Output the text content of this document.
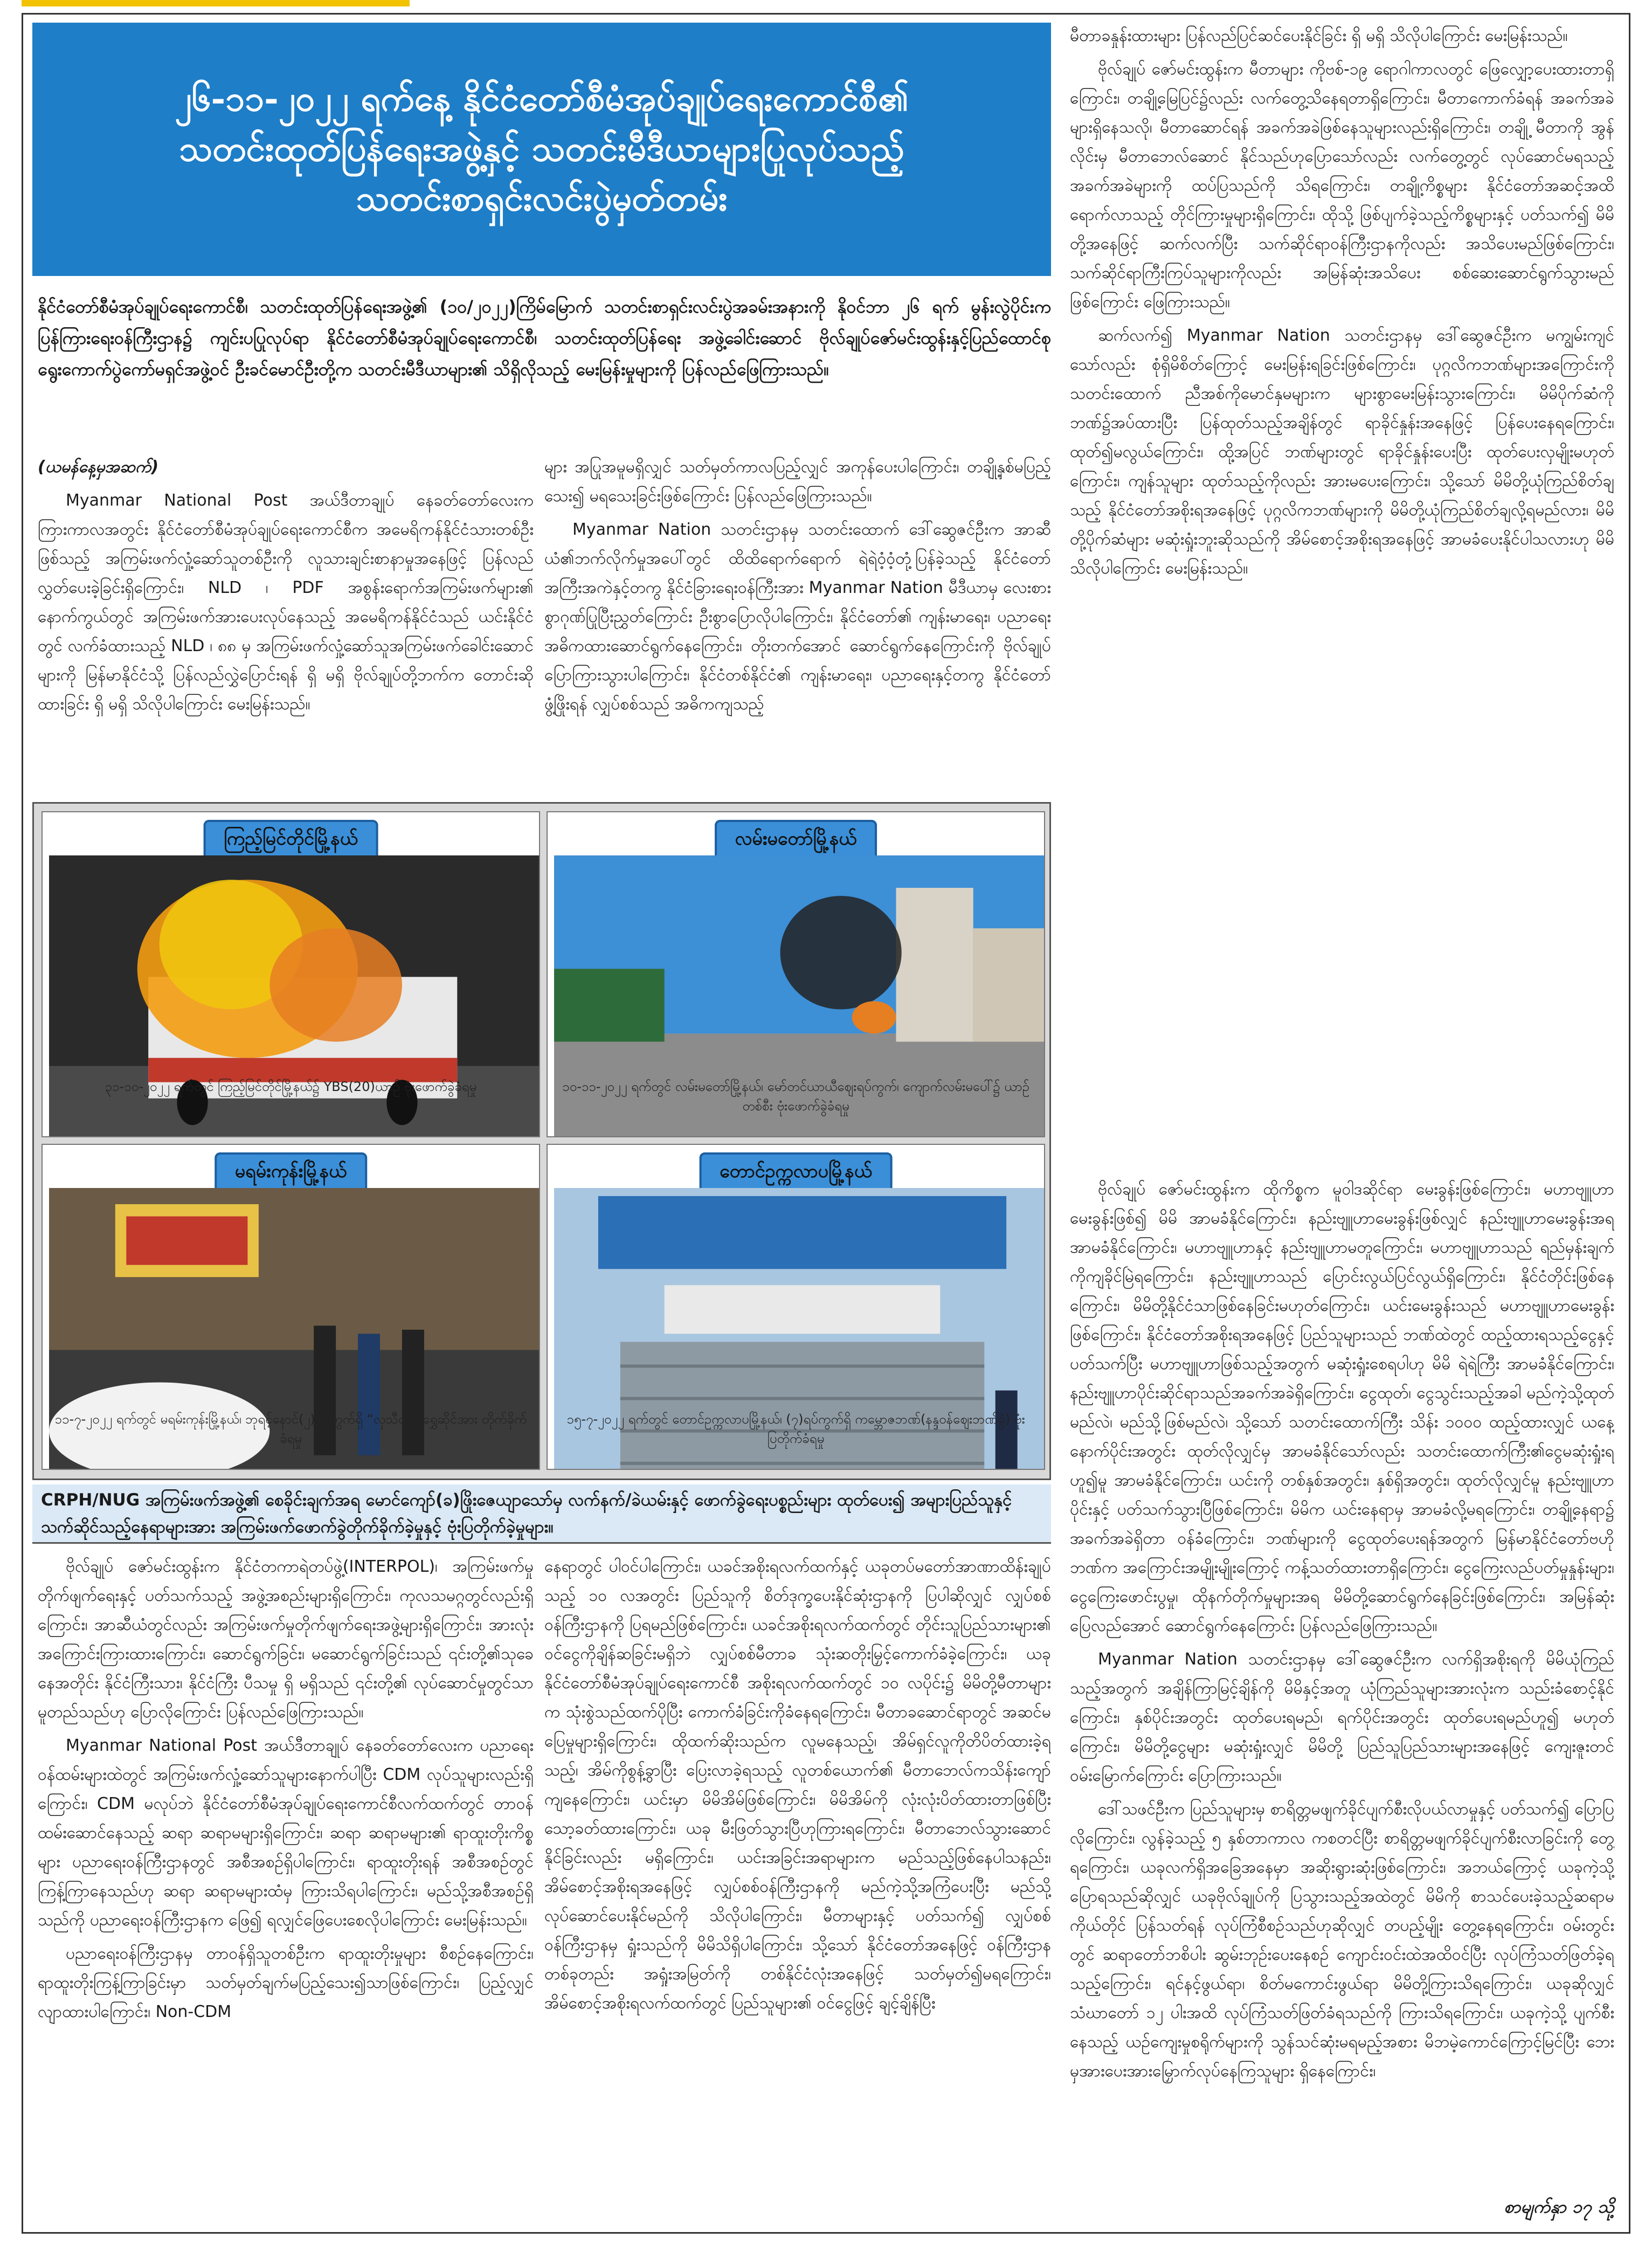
၂၆-၁၁-၂၀၂၂ ရက်နေ့ နိုင်ငံတော်စီမံအုပ်ချုပ်ရေးကောင်စီ၏
သတင်းထုတ်ပြန်ရေးအဖွဲ့နှင့် သတင်းမီဒီယာများပြုလုပ်သည့်
သတင်းစာရှင်းလင်းပွဲမှတ်တမ်း

နိုင်ငံတော်စီမံအုပ်ချုပ်ရေးကောင်စီ၊ သတင်းထုတ်ပြန်ရေးအဖွဲ့၏ (၁၀/၂၀၂၂)ကြိမ်မြောက် သတင်းစာရှင်းလင်းပွဲအခမ်းအနားကို နိုဝင်ဘာ ၂၆ ရက် မွန်းလွဲပိုင်းက ပြန်ကြားရေးဝန်ကြီးဌာန၌ ကျင်းပပြုလုပ်ရာ နိုင်ငံတော်စီမံအုပ်ချုပ်ရေးကောင်စီ၊ သတင်းထုတ်ပြန်ရေး အဖွဲ့ခေါင်းဆောင် ဗိုလ်ချုပ်ဇော်မင်းထွန်းနှင့်ပြည်ထောင်စုရွေးကောက်ပွဲကော်မရှင်အဖွဲ့ဝင် ဦးခင်မောင်ဦးတို့က သတင်းမီဒီယာများ၏ သိရှိလိုသည့် မေးမြန်းမှုများကို ပြန်လည်ဖြေကြားသည်။

(ယမန်နေ့မှအဆက်)

Myanmar National Post အယ်ဒီတာချုပ် နေခတ်တော်လေးက ကြားကာလအတွင်း နိုင်ငံတော်စီမံအုပ်ချုပ်ရေးကောင်စီက အမေရိကန်နိုင်ငံသားတစ်ဦးဖြစ်သည့် အကြမ်းဖက်လှုံ့ဆော်သူတစ်ဦးကို လူသားချင်းစာနာမှုအနေဖြင့် ပြန်လည်လွှတ်ပေးခဲ့ခြင်းရှိကြောင်း၊ NLD ၊ PDF အစွန်းရောက်အကြမ်းဖက်များ၏ နောက်ကွယ်တွင် အကြမ်းဖက်အားပေးလုပ်နေသည့် အမေရိကန်နိုင်ငံသည် ယင်းနိုင်ငံတွင် လက်ခံထားသည့် NLD ၊ ၈၈ မှ အကြမ်းဖက်လှုံ့ဆော်သူအကြမ်းဖက်ခေါင်းဆောင်များကို မြန်မာနိုင်ငံသို့ ပြန်လည်လွှဲပြောင်းရန် ရှိ မရှိ ဗိုလ်ချုပ်တို့ဘက်က တောင်းဆိုထားခြင်း ရှိ မရှိ သိလိုပါကြောင်း မေးမြန်းသည်။

များ အပြုအမူမရှိလျှင် သတ်မှတ်ကာလပြည့်လျှင် အကုန်ပေးပါကြောင်း၊ တချို့နှစ်မပြည့်သေး၍ မရသေးခြင်းဖြစ်ကြောင်း ပြန်လည်ဖြေကြားသည်။

Myanmar Nation သတင်းဌာနမှ သတင်းထောက် ဒေါ်ဆွေဇင်ဦးက အာဆီယံ၏ဘက်လိုက်မှုအပေါ်တွင် ထိထိရောက်ရောက် ရဲရဲဝံ့ဝံ့တုံ့ပြန်ခဲ့သည့် နိုင်ငံတော်အကြီးအကဲနှင့်တကွ နိုင်ငံခြားရေးဝန်ကြီးအား Myanmar Nation မီဒီယာမှ လေးစားစွာဂုဏ်ပြုပြီးညွှတ်ကြောင်း ဦးစွာပြောလိုပါကြောင်း၊ နိုင်ငံတော်၏ ကျန်းမာရေး၊ ပညာရေးအဓိကထားဆောင်ရွက်နေကြောင်း၊ တိုးတက်အောင် ဆောင်ရွက်နေကြောင်းကို ဗိုလ်ချုပ် ပြောကြားသွားပါကြောင်း၊ နိုင်ငံတစ်နိုင်ငံ၏ ကျန်းမာရေး၊ ပညာရေးနှင့်တကွ နိုင်ငံတော်ဖွံ့ဖြိုးရန် လျှပ်စစ်သည် အဓိကကျသည့်

မီတာခနှုန်းထားများ ပြန်လည်ပြင်ဆင်ပေးနိုင်ခြင်း ရှိ မရှိ သိလိုပါကြောင်း မေးမြန်းသည်။

ဗိုလ်ချုပ် ဇော်မင်းထွန်းက မီတာများ ကိုဗစ်-၁၉ ရောဂါကာလတွင် ဖြေလျှော့ပေးထားတာရှိကြောင်း၊ တချို့မြေပြင်၌လည်း လက်တွေ့သိနေရတာရှိကြောင်း၊ မီတာကောက်ခံရန် အခက်အခဲများရှိနေသလို၊ မီတာဆောင်ရန် အခက်အခဲဖြစ်နေသူများလည်းရှိကြောင်း၊ တချို့ မီတာကို အွန်လိုင်းမှ မီတာဘေလ်ဆောင် နိုင်သည်ဟုပြောသော်လည်း လက်တွေ့တွင် လုပ်ဆောင်မရသည့် အခက်အခဲများကို ထပ်ပြသည်ကို သိရကြောင်း၊ တချို့ကိစ္စများ နိုင်ငံတော်အဆင့်အထိရောက်လာသည့် တိုင်ကြားမှုများရှိကြောင်း၊ ထိုသို့ ဖြစ်ပျက်ခဲ့သည့်ကိစ္စများနှင့် ပတ်သက်၍ မိမိတို့အနေဖြင့် ဆက်လက်ပြီး သက်ဆိုင်ရာဝန်ကြီးဌာနကိုလည်း အသိပေးမည်ဖြစ်ကြောင်း၊ သက်ဆိုင်ရာကြီးကြပ်သူများကိုလည်း အမြန်ဆုံးအသိပေး စစ်ဆေးဆောင်ရွက်သွားမည်ဖြစ်ကြောင်း ဖြေကြားသည်။

ဆက်လက်၍ Myanmar Nation သတင်းဌာနမှ ဒေါ်ဆွေဇင်ဦးက မကျွမ်းကျင်သော်လည်း စုံရှိမိစိတ်ကြောင့် မေးမြန်းရခြင်းဖြစ်ကြောင်း၊ ပုဂ္ဂလိကဘဏ်များအကြောင်းကို သတင်းထောက် ညီအစ်ကိုမောင်နှမများက များစွာမေးမြန်းသွားကြောင်း၊ မိမိပိုက်ဆံကို ဘဏ်၌အပ်ထားပြီး ပြန်ထုတ်သည့်အချိန်တွင် ရာခိုင်နှုန်းအနေဖြင့် ပြန်ပေးနေရကြောင်း၊ ထုတ်၍မလွယ်ကြောင်း၊ ထို့အပြင် ဘဏ်များတွင် ရာခိုင်နှုန်းပေးပြီး ထုတ်ပေးလှမျိုးမဟုတ်ကြောင်း၊ ကျန်သူများ ထုတ်သည့်ကိုလည်း အားမပေးကြောင်း၊ သို့သော် မိမိတို့ယုံကြည်စိတ်ချသည့် နိုင်ငံတော်အစိုးရအနေဖြင့် ပုဂ္ဂလိကဘဏ်များကို မိမိတို့ယုံကြည်စိတ်ချလို့ရမည်လား၊ မိမိတို့ပိုက်ဆံများ မဆုံးရှုံးဘူးဆိုသည်ကို အိမ်စောင့်အစိုးရအနေဖြင့် အာမခံပေးနိုင်ပါသလားဟု မိမိသိလိုပါကြောင်း မေးမြန်းသည်။

ကြည့်မြင်တိုင်မြို့နယ်
၃၁-၁၀-၂၀၂၂ ရက်တွင် ကြည့်မြင်တိုင်မြို့နယ်၌ YBS(20)ယာဉ် ဗုံးဖောက်ခွဲခံရမှု
လမ်းမတော်မြို့နယ်
၁၀-၁၁-၂၀၂၂ ရက်တွင် လမ်းမတော်မြို့နယ်၊ မော်တင်ယာယီဈေးရပ်ကွက်၊ ကျောက်လမ်းမပေါ်၌ ယာဉ်တစ်စီး ဗုံးဖောက်ခွဲခံရမှု
မရမ်းကုန်းမြို့နယ်
၁၁-၇-၂၀၂၂ ရက်တွင် မရမ်းကုန်းမြို့နယ်၊ ဘုရင့်နောင်(၂)ရပ်ကွက်ရှိ “လှသီတာ”ရွှေဆိုင်အား တိုက်ခိုက်ခံရမှု
တောင်ဥက္ကလာပမြို့နယ်
၁၅-၇-၂၀၂၂ ရက်တွင် တောင်ဥက္ကလာပမြို့နယ်၊ (၇)ရပ်ကွက်ရှိ ကမ္ဘောဇဘဏ်(နန္ဒဝန်ဈေးဘဏ်ခွဲ) ဗုံးပြတိုက်ခံရမှု
CRPH/NUG အကြမ်းဖက်အဖွဲ့၏ စေခိုင်းချက်အရ မောင်ကျော်(ခ)ဖြိုးဇေယျာသော်မှ လက်နက်/ခဲယမ်းနှင့် ဖောက်ခွဲရေးပစ္စည်းများ ထုတ်ပေး၍ အများပြည်သူနှင့် သက်ဆိုင်သည့်နေရာများအား အကြမ်းဖက်ဖောက်ခွဲတိုက်ခိုက်ခဲ့မှုနှင့် ဗုံးပြတိုက်ခဲ့မှုများ။

ဗိုလ်ချုပ် ဇော်မင်းထွန်းက နိုင်ငံတကာရဲတပ်ဖွဲ့(INTERPOL)၊ အကြမ်းဖက်မှုတိုက်ဖျက်ရေးနှင့် ပတ်သက်သည့် အဖွဲ့အစည်းများရှိကြောင်း၊ ကုလသမဂ္ဂတွင်လည်းရှိကြောင်း၊ အာဆီယံတွင်လည်း အကြမ်းဖက်မှုတိုက်ဖျက်ရေးအဖွဲ့များရှိကြောင်း၊ အားလုံးအကြောင်းကြားထားကြောင်း၊ ဆောင်ရွက်ခြင်း၊ မဆောင်ရွက်ခြင်းသည် ၎င်းတို့၏သုခေနေအတိုင်း နိုင်ငံကြီးသား၊ နိုင်ငံကြီး ပီသမှု ရှိ မရှိသည် ၎င်းတို့၏ လုပ်ဆောင်မှုတွင်သာ မူတည်သည်ဟု ပြောလိုကြောင်း ပြန်လည်ဖြေကြားသည်။

Myanmar National Post အယ်ဒီတာချုပ် နေခတ်တော်လေးက ပညာရေးဝန်ထမ်းများထဲတွင် အကြမ်းဖက်လှုံ့ဆော်သူများနောက်ပါပြီး CDM လုပ်သူများလည်းရှိကြောင်း၊ CDM မလုပ်ဘဲ နိုင်ငံတော်စီမံအုပ်ချုပ်ရေးကောင်စီလက်ထက်တွင် တာဝန်ထမ်းဆောင်နေသည့် ဆရာ ဆရာမများရှိကြောင်း၊ ဆရာ ဆရာမများ၏ ရာထူးတိုးကိစ္စများ ပညာရေးဝန်ကြီးဌာနတွင် အစီအစဉ်ရှိပါကြောင်း၊ ရာထူးတိုးရန် အစီအစဉ်တွင် ကြန့်ကြာနေသည်ဟု ဆရာ ဆရာမများထံမှ ကြားသိရပါကြောင်း၊ မည်သို့အစီအစဉ်ရှိသည်ကို ပညာရေးဝန်ကြီးဌာနက ဖြေ၍ ရလျှင်ဖြေပေးစေလိုပါကြောင်း မေးမြန်းသည်။

ပညာရေးဝန်ကြီးဌာနမှ တာဝန်ရှိသူတစ်ဦးက ရာထူးတိုးမှုများ စီစဉ်နေကြောင်း၊ ရာထူးတိုးကြန့်ကြာခြင်းမှာ သတ်မှတ်ချက်မပြည့်သေး၍သာဖြစ်ကြောင်း၊ ပြည့်လျှင် လျာထားပါကြောင်း၊ Non-CDM

နေရာတွင် ပါဝင်ပါကြောင်း၊ ယခင်အစိုးရလက်ထက်နှင့် ယခုတပ်မတော်အာဏာထိန်းချုပ်သည့် ၁၀ လအတွင်း ပြည်သူကို စိတ်ဒုက္ခပေးနိုင်ဆုံးဌာနကို ပြပါဆိုလျှင် လျှပ်စစ်ဝန်ကြီးဌာနကို ပြရမည်ဖြစ်ကြောင်း၊ ယခင်အစိုးရလက်ထက်တွင် တိုင်းသူပြည်သားများ၏ ဝင်ငွေကိုချိန်ဆခြင်းမရှိဘဲ လျှပ်စစ်မီတာခ သုံးဆတိုးမြှင့်ကောက်ခံခဲ့ကြောင်း၊ ယခု နိုင်ငံတော်စီမံအုပ်ချုပ်ရေးကောင်စီ အစိုးရလက်ထက်တွင် ၁၀ လပိုင်း၌ မိမိတို့မီတာများက သုံးစွဲသည်ထက်ပိုပြီး ကောက်ခံခြင်းကိုခံနေရကြောင်း၊ မီတာခဆောင်ရာတွင် အဆင်မပြေမှုများရှိကြောင်း၊ ထိုထက်ဆိုးသည်က လူမနေသည့်၊ အိမ်ရှင်လူကိုတိပိတ်ထားခဲ့ရသည့်၊ အိမ်ကိုစွန့်ခွာပြီး ပြေးလာခဲ့ရသည့် လူတစ်ယောက်၏ မီတာဘေလ်ကသိန်းကျော်ကျနေကြောင်း၊ ယင်းမှာ မိမိအိမ်ဖြစ်ကြောင်း၊ မိမိအိမ်ကို လုံးလုံးပိတ်ထားတာဖြစ်ပြီး သော့ခတ်ထားကြောင်း၊ ယခု မီးဖြတ်သွားပြီဟုကြားရကြောင်း၊ မီတာဘေလ်သွားဆောင်နိုင်ခြင်းလည်း မရှိကြောင်း၊ ယင်းအခြင်းအရာများက မည်သည့်ဖြစ်နေပါသနည်း၊ အိမ်စောင့်အစိုးရအနေဖြင့် လျှပ်စစ်ဝန်ကြီးဌာနကို မည်ကဲ့သို့အကြံပေးပြီး မည်သို့လုပ်ဆောင်ပေးနိုင်မည်ကို သိလိုပါကြောင်း၊ မီတာများနှင့် ပတ်သက်၍ လျှပ်စစ်ဝန်ကြီးဌာနမှ ရှုံးသည်ကို မိမိသိရှိပါကြောင်း၊ သို့သော် နိုင်ငံတော်အနေဖြင့် ဝန်ကြီးဌာနတစ်ခုတည်း အရှုံးအမြတ်ကို တစ်နိုင်ငံလုံးအနေဖြင့် သတ်မှတ်၍မရကြောင်း၊ အိမ်စောင့်အစိုးရလက်ထက်တွင် ပြည်သူများ၏ ဝင်ငွေဖြင့် ချင့်ချိန်ပြီး

ဗိုလ်ချုပ် ဇော်မင်းထွန်းက ထိုကိစ္စက မူဝါဒဆိုင်ရာ မေးခွန်းဖြစ်ကြောင်း၊ မဟာဗျူဟာမေးခွန်းဖြစ်၍ မိမိ အာမခံနိုင်ကြောင်း၊ နည်းဗျူဟာမေးခွန်းဖြစ်လျှင် နည်းဗျူဟာမေးခွန်းအရ အာမခံနိုင်ကြောင်း၊ မဟာဗျူဟာနှင့် နည်းဗျူဟာမတူကြောင်း၊ မဟာဗျူဟာသည် ရည်မှန်းချက်ကိုကျခိုင်မြဲရကြောင်း၊ နည်းဗျူဟာသည် ပြောင်းလွယ်ပြင်လွယ်ရှိကြောင်း၊ နိုင်ငံတိုင်းဖြစ်နေကြောင်း၊ မိမိတို့နိုင်ငံသာဖြစ်နေခြင်းမဟုတ်ကြောင်း၊ ယင်းမေးခွန်းသည် မဟာဗျူဟာမေးခွန်းဖြစ်ကြောင်း၊ နိုင်ငံတော်အစိုးရအနေဖြင့် ပြည်သူများသည် ဘဏ်ထဲတွင် ထည့်ထားရသည့်ငွေနှင့်ပတ်သက်ပြီး မဟာဗျူဟာဖြစ်သည့်အတွက် မဆုံးရှုံးစေရပါဟု မိမိ ရဲရဲကြီး အာမခံနိုင်ကြောင်း၊ နည်းဗျူဟာပိုင်းဆိုင်ရာသည်အခက်အခဲရှိကြောင်း၊ ငွေထုတ်၊ ငွေသွင်းသည့်အခါ မည်ကဲ့သို့ထုတ်မည်လဲ၊ မည်သို့ဖြစ်မည်လဲ၊ သို့သော် သတင်းထောက်ကြီး သိန်း ၁၀၀၀ ထည့်ထားလျှင် ယနေ့နောက်ပိုင်းအတွင်း ထုတ်လိုလျှင်မှ အာမခံနိုင်သော်လည်း သတင်းထောက်ကြီး၏ငွေမဆုံးရှုံးရဟူ၍မူ အာမခံနိုင်ကြောင်း၊ ယင်းကို တစ်နှစ်အတွင်း၊ နှစ်ရှိအတွင်း၊ ထုတ်လိုလျှင်မူ နည်းဗျူဟာပိုင်းနှင့် ပတ်သက်သွားပြီဖြစ်ကြောင်း၊ မိမိက ယင်းနေရာမှ အာမခံလို့မရကြောင်း၊ တချို့နေရာ၌ အခက်အခဲရှိတာ ဝန်ခံကြောင်း၊ ဘဏ်များကို ငွေထုတ်ပေးရန်အတွက် မြန်မာနိုင်ငံတော်ဗဟိုဘဏ်က အကြောင်းအမျိုးမျိုးကြောင့် ကန့်သတ်ထားတာရှိကြောင်း၊ ငွေကြေးလည်ပတ်မှုနှုန်းများ၊ ငွေကြေးဖောင်းပွမှု၊ ထိုနက်တိုက်မှုများအရ မိမိတို့ဆောင်ရွက်နေခြင်းဖြစ်ကြောင်း၊ အမြန်ဆုံးပြေလည်အောင် ဆောင်ရွက်နေကြောင်း ပြန်လည်ဖြေကြားသည်။

Myanmar Nation သတင်းဌာနမှ ဒေါ်ဆွေဇင်ဦးက လက်ရှိအစိုးရကို မိမိယုံကြည်သည့်အတွက် အချိန်ကြာမြင့်ချိန်ကို မိမိနှင့်အတူ ယုံကြည်သူများအားလုံးက သည်းခံစောင့်နိုင်ကြောင်း၊ နှစ်ပိုင်းအတွင်း ထုတ်ပေးရမည်၊ ရက်ပိုင်းအတွင်း ထုတ်ပေးရမည်ဟူ၍ မဟုတ်ကြောင်း၊ မိမိတို့ငွေများ မဆုံးရှုံးလျှင် မိမိတို့ ပြည်သူပြည်သားများအနေဖြင့် ကျေးဇူးတင် ဝမ်းမြောက်ကြောင်း ပြောကြားသည်။

ဒေါ်သဖင်ဦးက ပြည်သူများမှ စာရိတ္တမဖျက်ခိုင်ပျက်စီးလိုပယ်လာမှုနှင့် ပတ်သက်၍ ပြောပြလိုကြောင်း၊ လွန်ခဲ့သည့် ၅ နှစ်တာကာလ ကစတင်ပြီး စာရိတ္တမဖျက်ခိုင်ပျက်စီးလာခြင်းကို တွေ့ရကြောင်း၊ ယခုလက်ရှိအခြေအနေမှာ အဆိုးရွားဆုံးဖြစ်ကြောင်း၊ အဘယ်ကြောင့် ယခုကဲ့သို့ပြောရသည်ဆိုလျှင် ယခုဗိုလ်ချုပ်ကို ပြသွားသည့်အထဲတွင် မိမိကို စာသင်ပေးခဲ့သည့်ဆရာမကိုယ်တိုင် ပြန်သတ်ရန် လုပ်ကြံစီစဉ်သည်ဟုဆိုလျှင် တပည့်မျိုး တွေ့နေရကြောင်း၊ ဝမ်းတွင်းတွင် ဆရာတော်ဘစိပါး ဆွမ်းဘုဉ်းပေးနေစဉ် ကျောင်းဝင်းထဲအထိဝင်ပြီး လုပ်ကြံသတ်ဖြတ်ခဲ့ရသည့်ကြောင်း၊ ရင်နင့်ဖွယ်ရာ၊ စိတ်မကောင်းဖွယ်ရာ မိမိတို့ကြားသိရကြောင်း၊ ယခုဆိုလျှင် သံဃာတော် ၁၂ ပါးအထိ လုပ်ကြံသတ်ဖြတ်ခံရသည်ကို ကြားသိရကြောင်း၊ ယခုကဲ့သို့ ပျက်စီးနေသည့် ယဉ်ကျေးမှုစရိုက်များကို သွန်သင်ဆုံးမရမည့်အစား မိဘမဲ့ကောင်ကြောင့်မြင်ပြီး ဘေးမှအားပေးအားမြှောက်လုပ်နေကြသူများ ရှိနေကြောင်း၊

စာမျက်နှာ ၁၇ သို့
